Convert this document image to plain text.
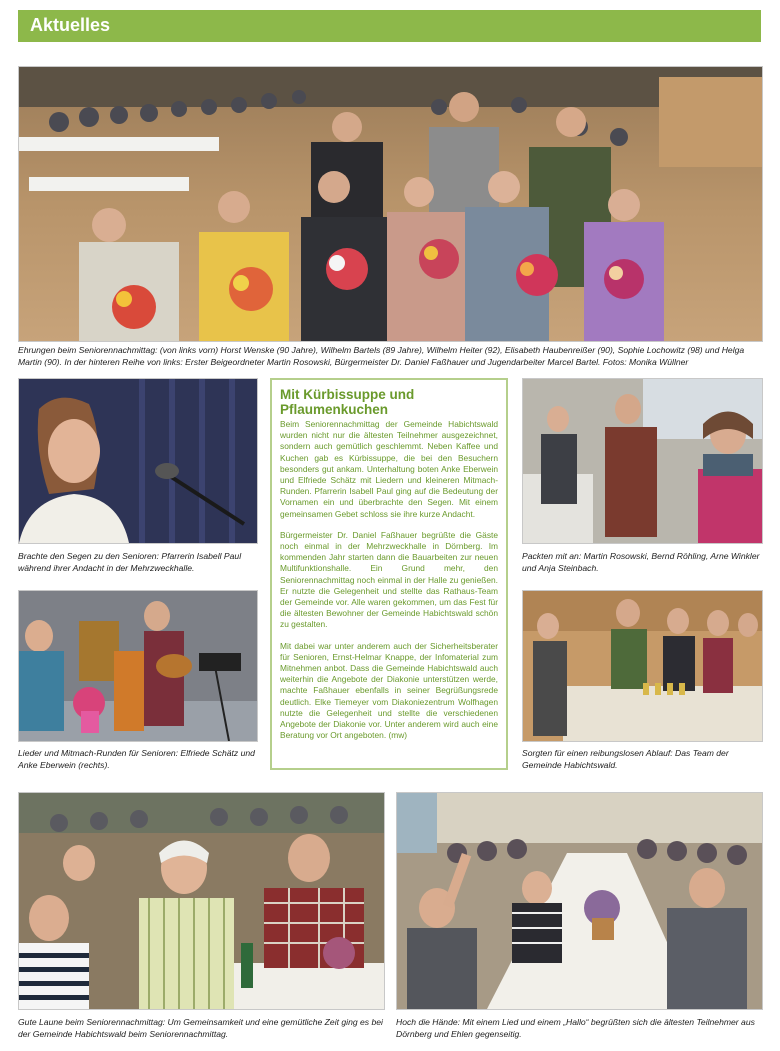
Aktuelles
Ehrungen beim Seniorennachmittag: (von links vorn) Horst Wenske (90 Jahre), Wilhelm Bartels (89 Jahre), Wilhelm Heiter (92), Elisabeth Haubenreißer (90), Sophie Lochowitz (98) und Helga Martin (90). In der hinteren Reihe von links: Erster Beigeordneter Martin Rosowski, Bürgermeister Dr. Daniel Faßhauer und Jugendarbeiter Marcel Bartel. Fotos: Monika Wüllner
Brachte den Segen zu den Senioren: Pfarrerin Isabell Paul während ihrer Andacht in der Mehrzweckhalle.
Lieder und Mitmach-Runden für Senioren: Elfriede Schätz und Anke Eberwein (rechts).
Mit Kürbissuppe und Pflaumenkuchen

Beim Seniorennachmittag der Gemeinde Habichtswald wurden nicht nur die ältesten Teilnehmer ausgezeichnet, sondern auch gemütlich geschlemmt. Neben Kaffee und Kuchen gab es Kürbissuppe, die bei den Besuchern besonders gut ankam. Unterhaltung boten Anke Eberwein und Elfriede Schätz mit Liedern und kleineren Mitmach-Runden. Pfarrerin Isabell Paul ging auf die Bedeutung der Vornamen ein und überbrachte den Segen. Mit einem gemeinsamen Gebet schloss sie ihre kurze Andacht.

Bürgermeister Dr. Daniel Faßhauer begrüßte die Gäste noch einmal in der Mehrzweckhalle in Dörnberg. Im kommenden Jahr starten dann die Bauarbeiten zur neuen Multifunktionshalle. Ein Grund mehr, den Seniorennachmittag noch einmal in der Halle zu genießen. Er nutzte die Gelegenheit und stellte das Rathaus-Team der Gemeinde vor. Alle waren gekommen, um das Fest für die ältesten Bewohner der Gemeinde Habichtswald schön zu gestalten.

Mit dabei war unter anderem auch der Sicherheitsberater für Senioren, Ernst-Helmar Knappe, der Infomaterial zum Mitnehmen anbot. Dass die Gemeinde Habichtswald auch weiterhin die Angebote der Diakonie unterstützen werde, machte Faßhauer ebenfalls in seiner Begrüßungsrede deutlich. Elke Tiemeyer vom Diakoniezentrum Wolfhagen nutzte die Gelegenheit und stellte die verschiedenen Angebote der Diakonie vor. Unter anderem wird auch eine Beratung vor Ort angeboten. (mw)

Packten mit an: Martin Rosowski, Bernd Röhling, Arne Winkler und Anja Steinbach.
Sorgten für einen reibungslosen Ablauf: Das Team der Gemeinde Habichtswald.
Gute Laune beim Seniorennachmittag: Um Gemeinsamkeit und eine gemütliche Zeit ging es bei der Gemeinde Habichtswald beim Seniorennachmittag.
Hoch die Hände: Mit einem Lied und einem „Hallo“ begrüßten sich die ältesten Teilnehmer aus Dörnberg und Ehlen gegenseitig.
